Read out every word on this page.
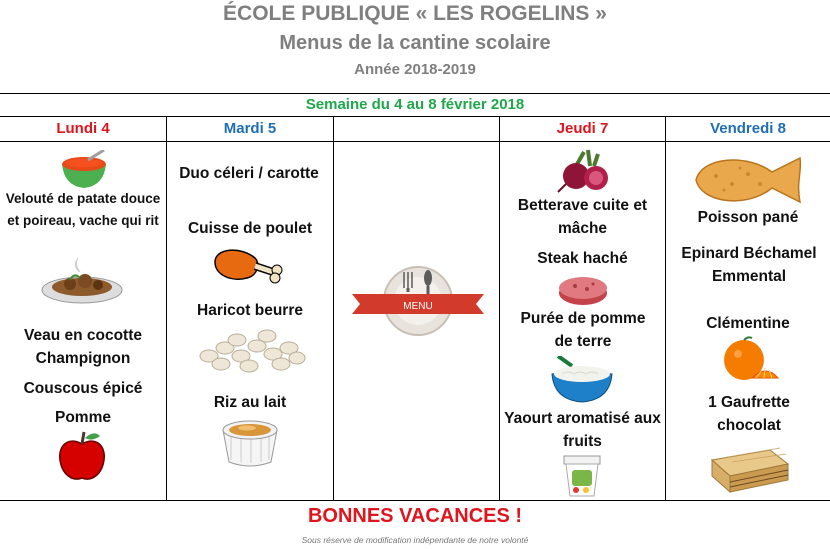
ÉCOLE PUBLIQUE « LES ROGELINS »
Menus de la cantine scolaire
Année 2018-2019
Semaine du 4 au 8 février 2018
Lundi 4
Velouté de patate douce et poireau, vache qui rit
Veau en cocotte Champignon
Couscous épicé
Pomme
Mardi 5
Duo céleri / carotte
Cuisse de poulet
Haricot beurre
Riz au lait
MENU
Jeudi 7
Betterave cuite et mâche
Steak haché
Purée de pomme de terre
Yaourt aromatisé aux fruits
Vendredi 8
Poisson pané
Epinard Béchamel Emmental
Clémentine
1 Gaufrette chocolat
BONNES VACANCES !
Sous réserve de modification indépendante de notre volonté
